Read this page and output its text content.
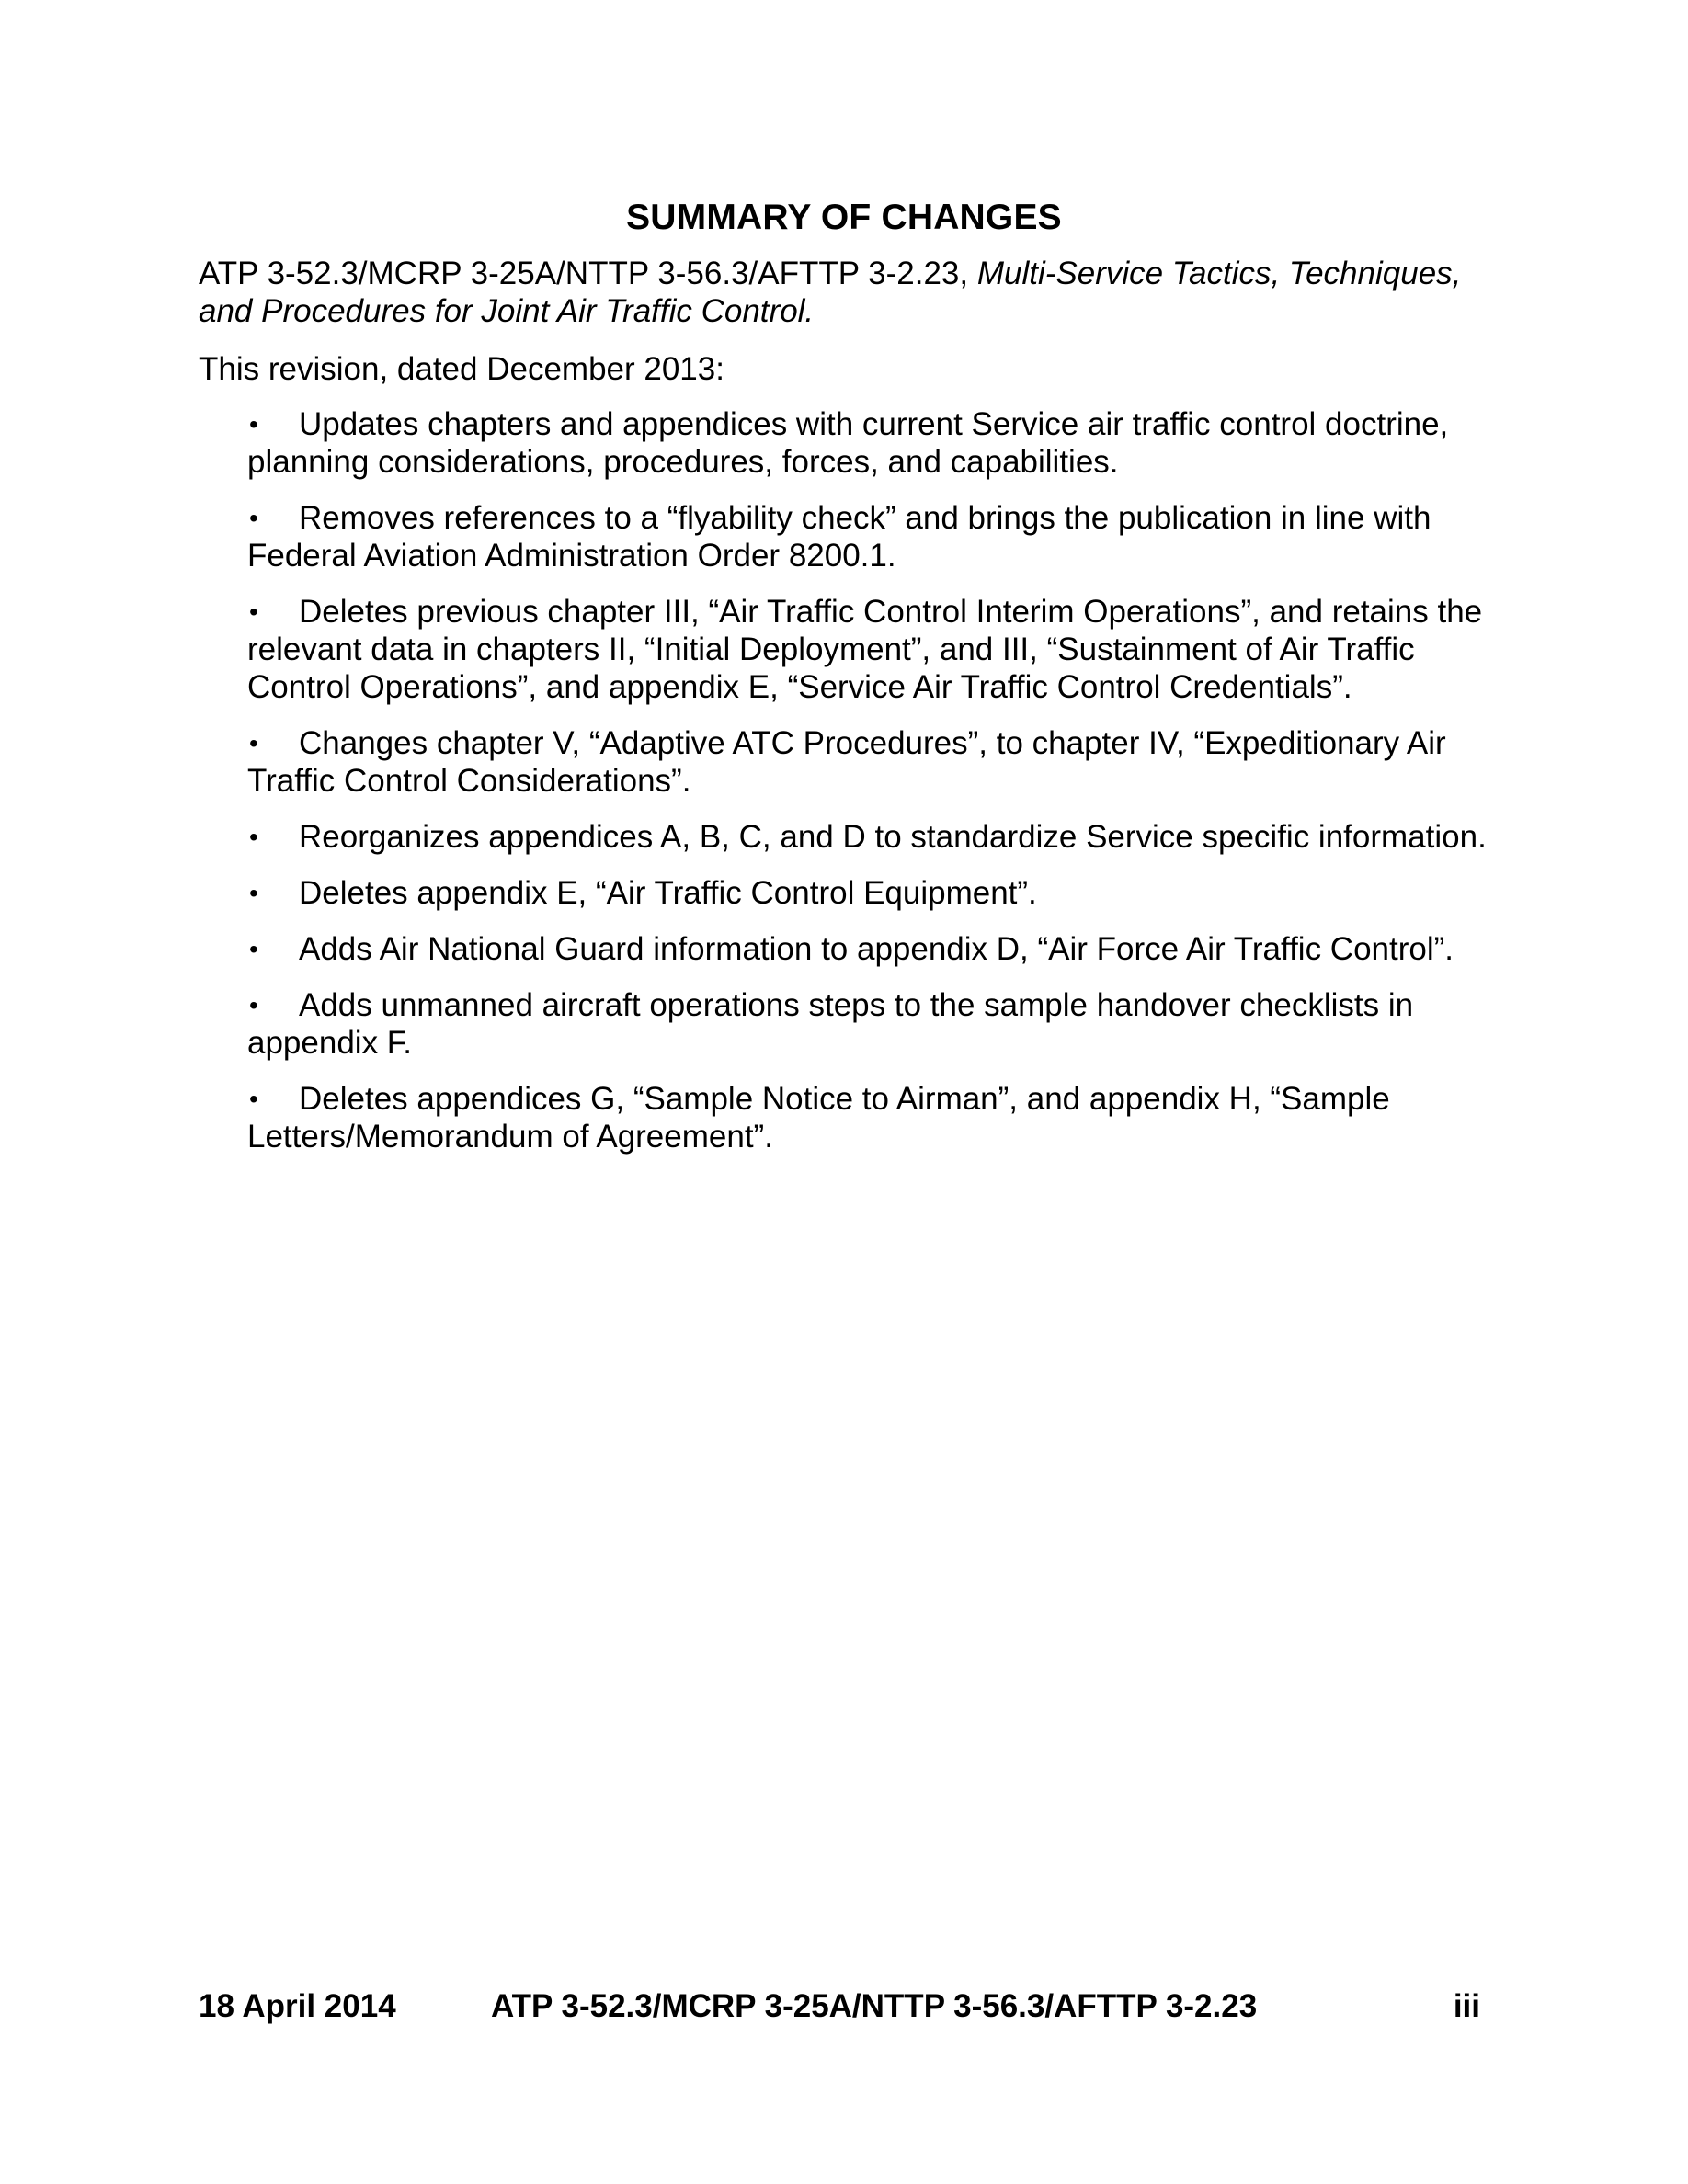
SUMMARY OF CHANGES
ATP 3-52.3/MCRP 3-25A/NTTP 3-56.3/AFTTP 3-2.23, Multi-Service Tactics, Techniques, and Procedures for Joint Air Traffic Control.
This revision, dated December 2013:
• Updates chapters and appendices with current Service air traffic control doctrine, planning considerations, procedures, forces, and capabilities.
• Removes references to a “flyability check” and brings the publication in line with Federal Aviation Administration Order 8200.1.
• Deletes previous chapter III, “Air Traffic Control Interim Operations”, and retains the relevant data in chapters II, “Initial Deployment”, and III, “Sustainment of Air Traffic Control Operations”, and appendix E, “Service Air Traffic Control Credentials”.
• Changes chapter V, “Adaptive ATC Procedures”, to chapter IV, “Expeditionary Air Traffic Control Considerations”.
• Reorganizes appendices A, B, C, and D to standardize Service specific information.
• Deletes appendix E, “Air Traffic Control Equipment”.
• Adds Air National Guard information to appendix D, “Air Force Air Traffic Control”.
• Adds unmanned aircraft operations steps to the sample handover checklists in appendix F.
• Deletes appendices G, “Sample Notice to Airman”, and appendix H, “Sample Letters/Memorandum of Agreement”.
18 April 2014	ATP 3-52.3/MCRP 3-25A/NTTP 3-56.3/AFTTP 3-2.23	iii
